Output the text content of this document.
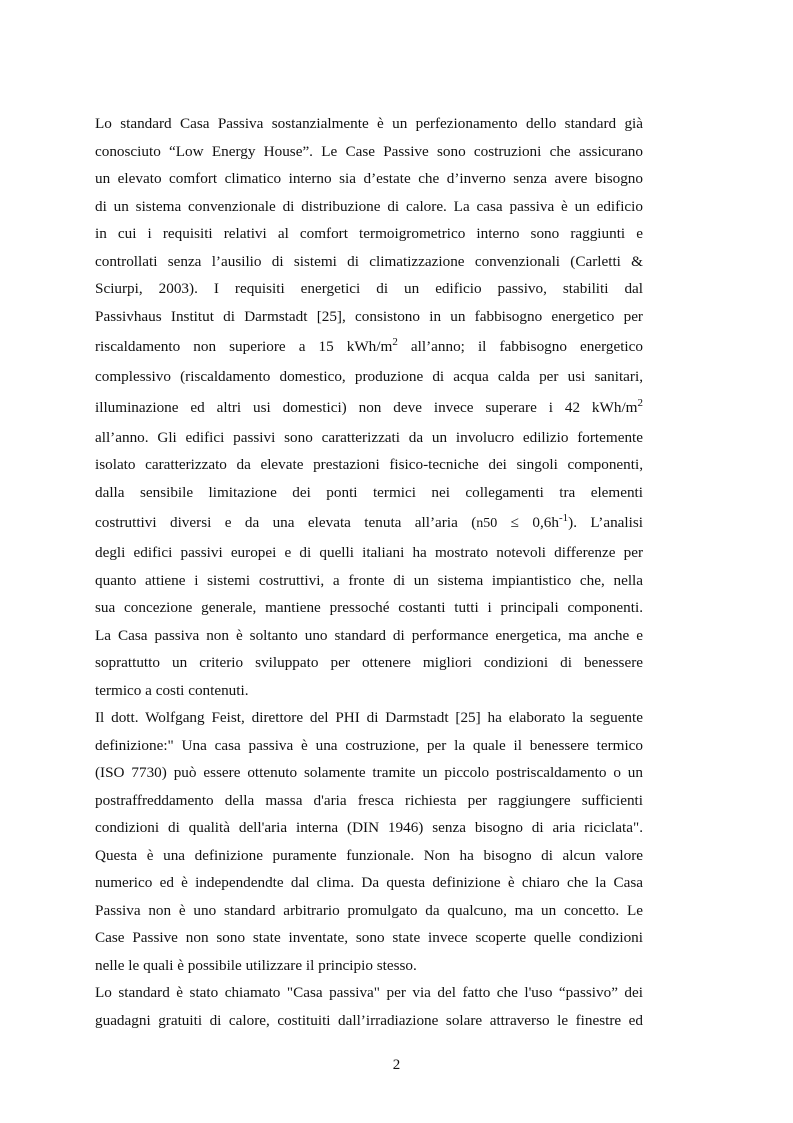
Lo standard Casa Passiva sostanzialmente è un perfezionamento dello standard già
conosciuto “Low Energy House”. Le Case Passive sono costruzioni che assicurano
un elevato comfort climatico interno sia d’estate che d’inverno senza avere bisogno
di un sistema convenzionale di distribuzione di calore. La casa passiva è un edificio
in cui i requisiti relativi al comfort termoigrometrico interno sono raggiunti e
controllati senza l’ausilio di sistemi di climatizzazione convenzionali (Carletti &
Sciurpi, 2003). I requisiti energetici di un edificio passivo, stabiliti dal
Passivhaus Institut di Darmstadt [25], consistono in un fabbisogno energetico per
riscaldamento non superiore a 15 kWh/$m^2$ all’anno; il fabbisogno energetico
complessivo (riscaldamento domestico, produzione di acqua calda per usi sanitari,
illuminazione ed altri usi domestici) non deve invece superare i 42 kWh/$m^2$
all’anno. Gli edifici passivi sono caratterizzati da un involucro edilizio fortemente
isolato caratterizzato da elevate prestazioni fisico-tecniche dei singoli componenti,
dalla sensibile limitazione dei ponti termici nei collegamenti tra elementi
costruttivi diversi e da una elevata tenuta all’aria $(n50 \le 0,6h^{-1})$. L’analisi
degli edifici passivi europei e di quelli italiani ha mostrato notevoli differenze per
quanto attiene i sistemi costruttivi, a fronte di un sistema impiantistico che, nella
sua concezione generale, mantiene pressoché costanti tutti i principali componenti.
La Casa passiva non è soltanto uno standard di performance energetica, ma anche e
soprattutto un criterio sviluppato per ottenere migliori condizioni di benessere
termico a costi contenuti.
Il dott. Wolfgang Feist, direttore del PHI di Darmstadt [25] ha elaborato la seguente
definizione:" Una casa passiva è una costruzione, per la quale il benessere termico
(ISO 7730) può essere ottenuto solamente tramite un piccolo postriscaldamento o un
postraffreddamento della massa d'aria fresca richiesta per raggiungere sufficienti
condizioni di qualità dell'aria interna (DIN 1946) senza bisogno di aria riciclata".
Questa è una definizione puramente funzionale. Non ha bisogno di alcun valore
numerico ed è independendte dal clima. Da questa definizione è chiaro che la Casa
Passiva non è uno standard arbitrario promulgato da qualcuno, ma un concetto. Le
Case Passive non sono state inventate, sono state invece scoperte quelle condizioni
nelle le quali è possibile utilizzare il principio stesso.
Lo standard è stato chiamato "Casa passiva" per via del fatto che l'uso “passivo” dei
guadagni gratuiti di calore, costituiti dall’irradiazione solare attraverso le finestre ed
2
